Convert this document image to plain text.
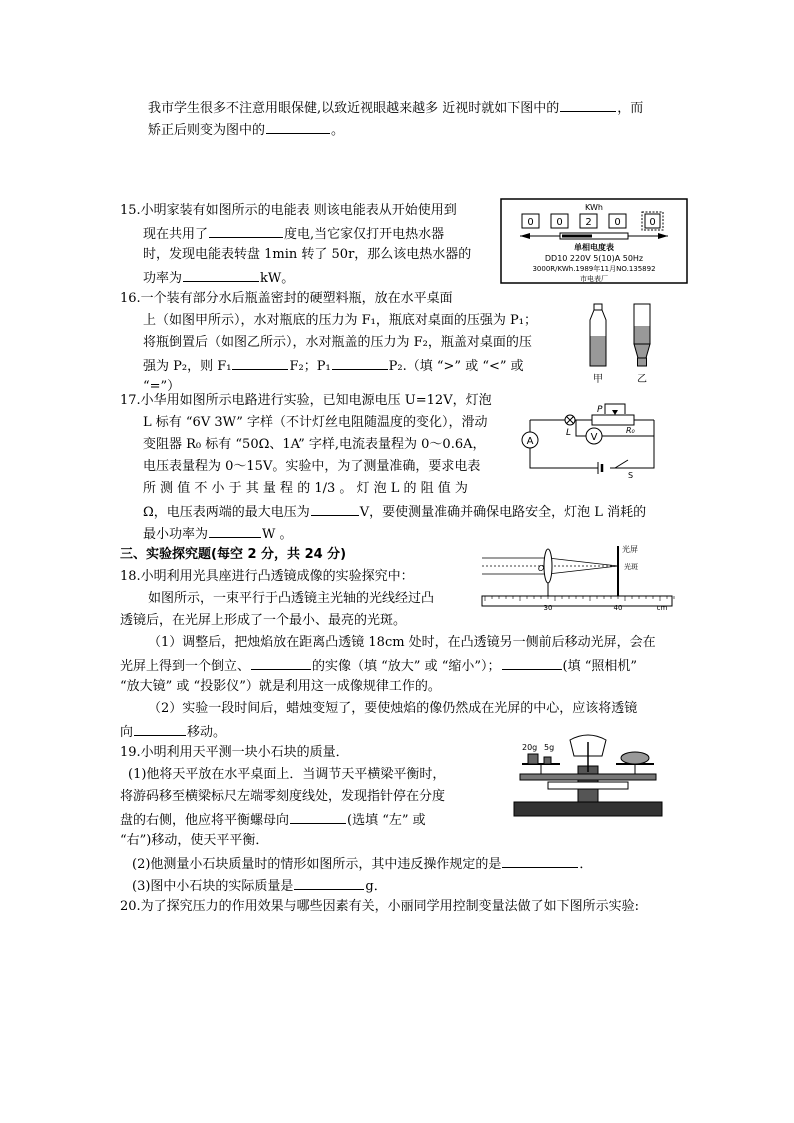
我市学生很多不注意用眼保健,以致近视眼越来越多 近视时就如下图中的	，而
矫正后则变为图中的	。
15.小明家装有如图所示的电能表 则该电能表从开始使用到
现在共用了	度电,当它家仅打开电热水器
时，发现电能表转盘 1min 转了 50r，那么该电热水器的
功率为	kW。
KWh
0 0 2 0	0
单相电度表
DD10 220V 5(10)A 50Hz
3000R/KWh.1989年11月NO.135892
市电表厂
16.一个装有部分水后瓶盖密封的硬塑料瓶，放在水平桌面
上（如图甲所示），水对瓶底的压力为 F₁，瓶底对桌面的压强为 P₁；
将瓶倒置后（如图乙所示），水对瓶盖的压力为 F₂，瓶盖对桌面的压
强为 P₂，则 F₁	F₂；P₁	P₂.（填 “>” 或 “<” 或
“=”）	甲	乙
17.小华用如图所示电路进行实验，已知电源电压 U=12V，灯泡
L 标有 “6V 3W” 字样（不计灯丝电阻随温度的变化），滑动
变阻器 R₀ 标有 “50Ω、1A” 字样,电流表量程为 0～0.6A，
电压表量程为 0～15V。实验中，为了测量准确，要求电表
所 测 值 不 小 于 其 量 程 的 1/3 。 灯 泡 L 的 阻 值 为
Ω，电压表两端的最大电压为	V，要使测量准确并确保电路安全，灯泡 L 消耗的
最小功率为	W 。
A
L
P
R₀
V
S
三、实验探究题(每空 2 分，共 24 分)
18.小明利用光具座进行凸透镜成像的实验探究中：
如图所示，一束平行于凸透镜主光轴的光线经过凸
透镜后，在光屏上形成了一个最小、最亮的光斑。
（1）调整后，把烛焰放在距离凸透镜 18cm 处时，在凸透镜另一侧前后移动光屏，会在
光屏上得到一个倒立、	的实像（填 “放大” 或 “缩小”）；	(填 “照相机”
“放大镜” 或 “投影仪”）就是利用这一成像规律工作的。
（2）实验一段时间后，蜡烛变短了，要使烛焰的像仍然成在光屏的中心，应该将透镜
向	移动。
O
光屏
光斑
30	40	cm
19.小明利用天平测一块小石块的质量．
(1)他将天平放在水平桌面上．当调节天平横梁平衡时，
将游码移至横梁标尺左端零刻度线处，发现指针停在分度
盘的右侧，他应将平衡螺母向	(选填 “左” 或
“右”)移动，使天平平衡．
(2)他测量小石块质量时的情形如图所示，其中违反操作规定的是	．
(3)图中小石块的实际质量是	g．
20g 5g
20.为了探究压力的作用效果与哪些因素有关，小丽同学用控制变量法做了如下图所示实验:
